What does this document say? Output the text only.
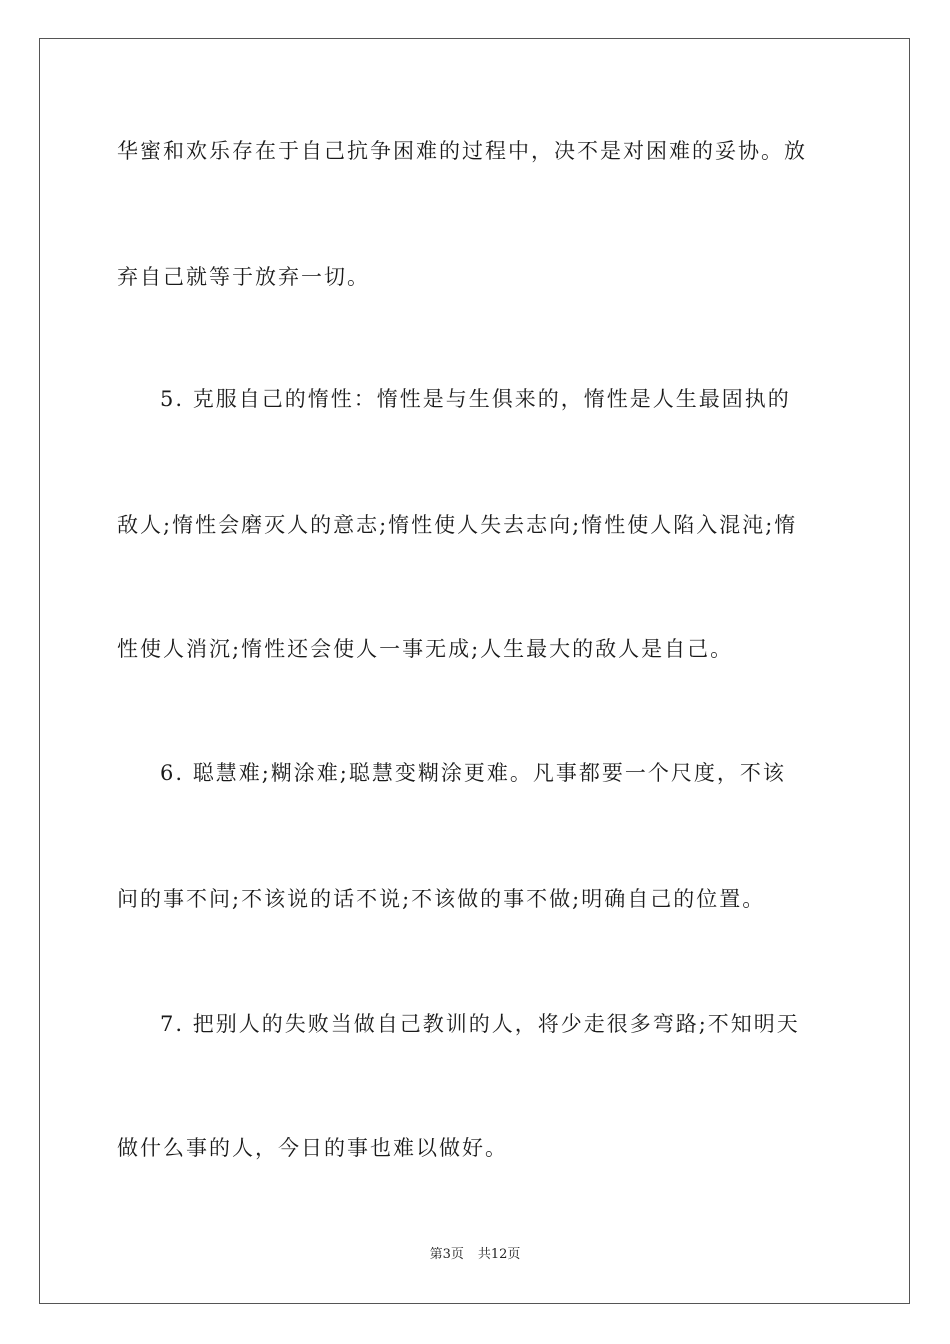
华蜜和欢乐存在于自己抗争困难的过程中，决不是对困难的妥协。放
弃自己就等于放弃一切。
5. 克服自己的惰性：惰性是与生俱来的，惰性是人生最固执的
敌人;惰性会磨灭人的意志;惰性使人失去志向;惰性使人陷入混沌;惰
性使人消沉;惰性还会使人一事无成;人生最大的敌人是自己。
6. 聪慧难;糊涂难;聪慧变糊涂更难。凡事都要一个尺度，不该
问的事不问;不该说的话不说;不该做的事不做;明确自己的位置。
7. 把别人的失败当做自己教训的人，将少走很多弯路;不知明天
做什么事的人，今日的事也难以做好。
第3页 共12页
